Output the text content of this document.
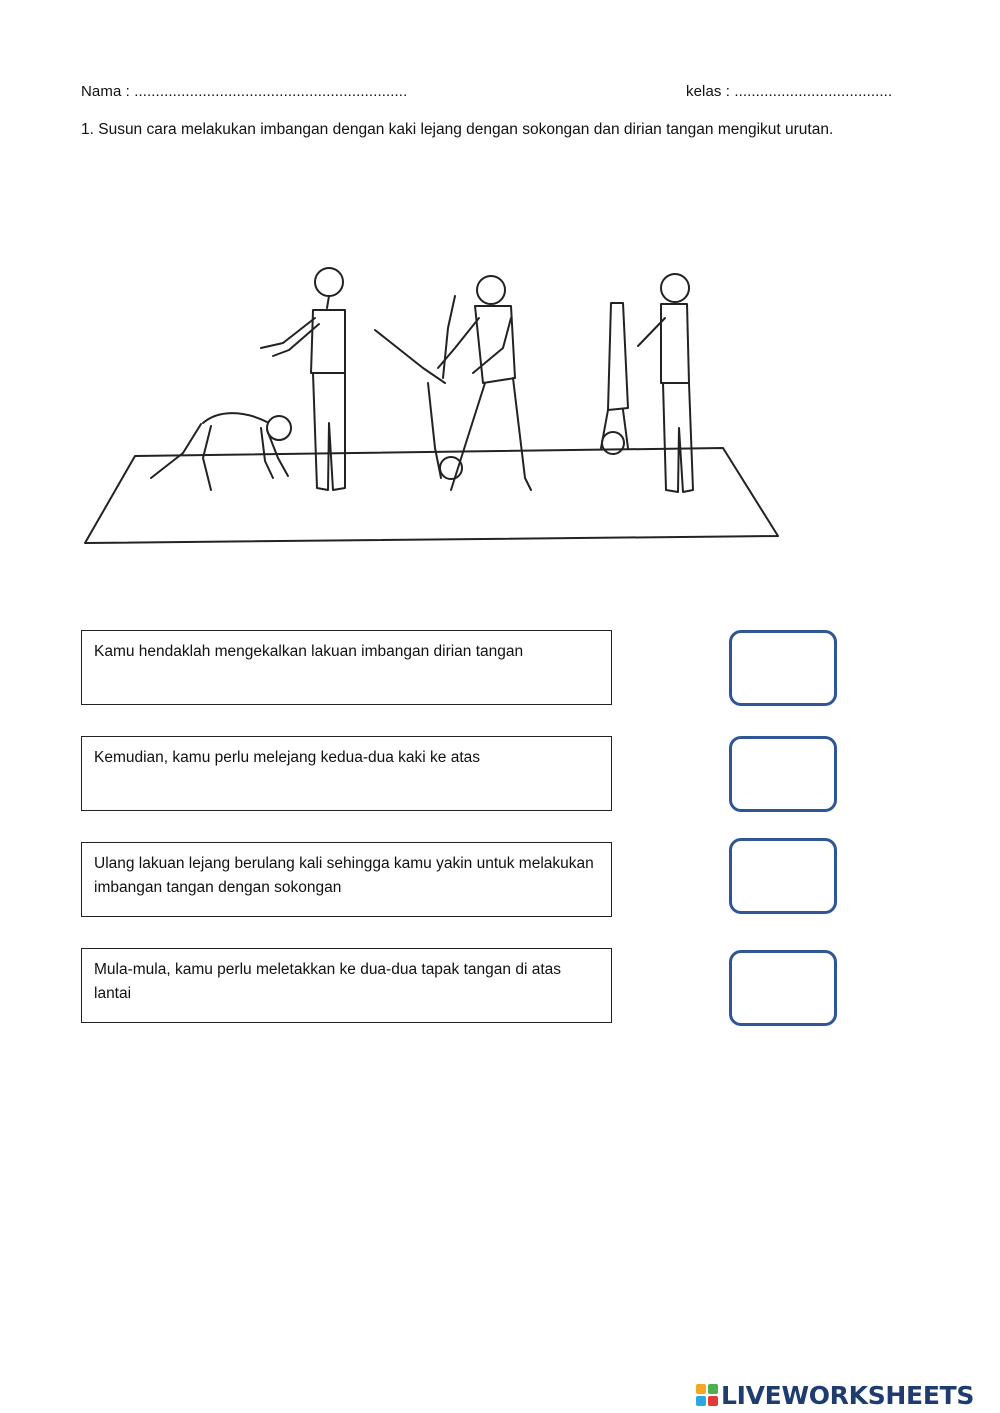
Nama : ................................................................	kelas : .....................................
1. Susun cara melakukan imbangan dengan kaki lejang dengan sokongan dan dirian tangan mengikut urutan.
Kamu hendaklah mengekalkan lakuan imbangan dirian tangan
Kemudian, kamu perlu melejang kedua-dua kaki ke atas
Ulang lakuan lejang berulang kali sehingga kamu yakin untuk melakukan imbangan tangan dengan sokongan
Mula-mula, kamu perlu meletakkan ke dua-dua tapak tangan di atas lantai
LIVEWORKSHEETS
